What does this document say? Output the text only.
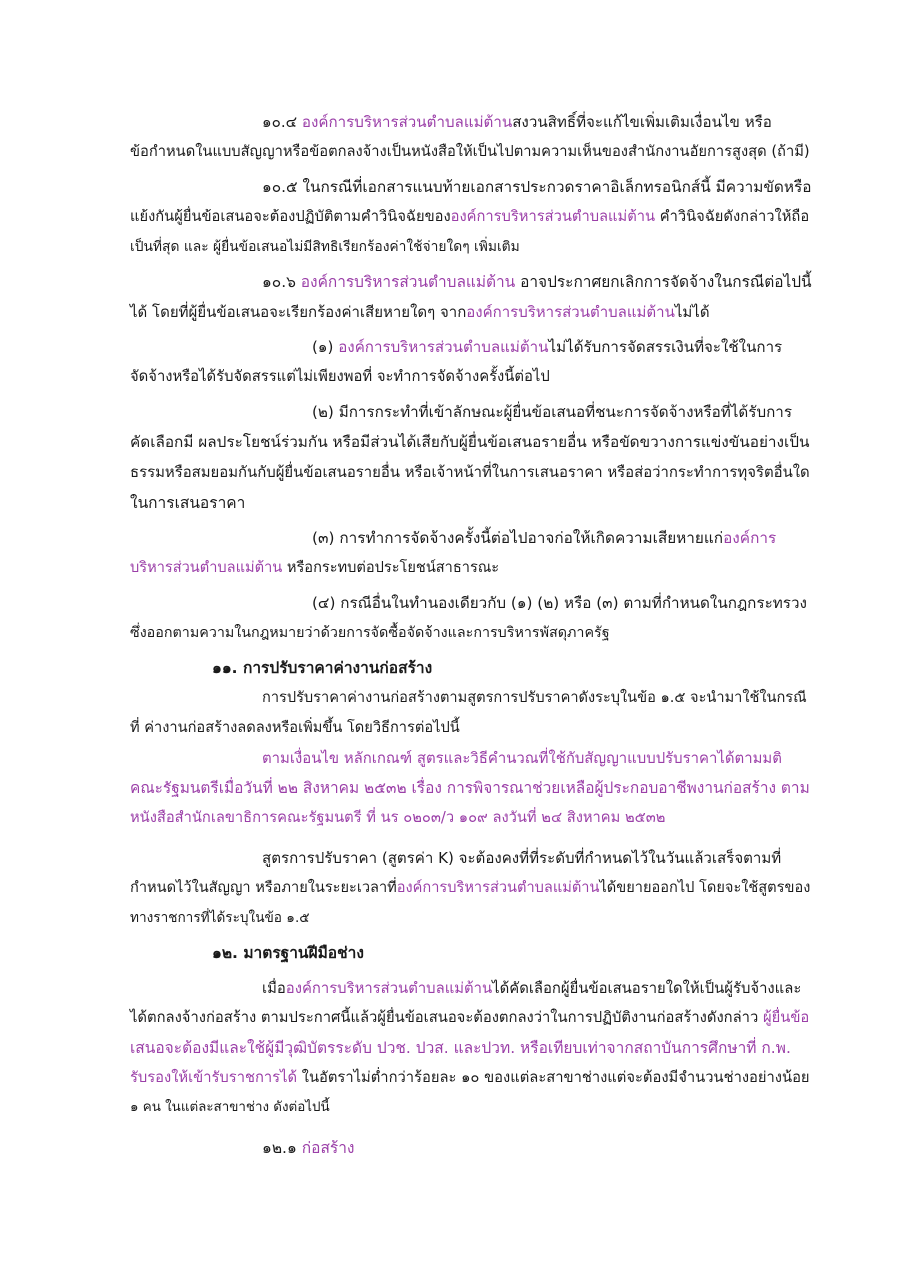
๑๐.๔ องค์การบริหารส่วนตำบลแม่ต้านสงวนสิทธิ์ที่จะแก้ไขเพิ่มเติมเงื่อนไข หรือ
ข้อกำหนดในแบบสัญญาหรือข้อตกลงจ้างเป็นหนังสือให้เป็นไปตามความเห็นของสำนักงานอัยการสูงสุด (ถ้ามี)
๑๐.๕ ในกรณีที่เอกสารแนบท้ายเอกสารประกวดราคาอิเล็กทรอนิกส์นี้ มีความขัดหรือ
แย้งกันผู้ยื่นข้อเสนอจะต้องปฏิบัติตามคำวินิจฉัยขององค์การบริหารส่วนตำบลแม่ต้าน คำวินิจฉัยดังกล่าวให้ถือ
เป็นที่สุด และ ผู้ยื่นข้อเสนอไม่มีสิทธิเรียกร้องค่าใช้จ่ายใดๆ เพิ่มเติม
๑๐.๖ องค์การบริหารส่วนตำบลแม่ต้าน อาจประกาศยกเลิกการจัดจ้างในกรณีต่อไปนี้
ได้ โดยที่ผู้ยื่นข้อเสนอจะเรียกร้องค่าเสียหายใดๆ จากองค์การบริหารส่วนตำบลแม่ต้านไม่ได้
(๑) องค์การบริหารส่วนตำบลแม่ต้านไม่ได้รับการจัดสรรเงินที่จะใช้ในการ
จัดจ้างหรือได้รับจัดสรรแต่ไม่เพียงพอที่ จะทำการจัดจ้างครั้งนี้ต่อไป
(๒) มีการกระทำที่เข้าลักษณะผู้ยื่นข้อเสนอที่ชนะการจัดจ้างหรือที่ได้รับการ
คัดเลือกมี ผลประโยชน์ร่วมกัน หรือมีส่วนได้เสียกับผู้ยื่นข้อเสนอรายอื่น หรือขัดขวางการแข่งขันอย่างเป็น
ธรรมหรือสมยอมกันกับผู้ยื่นข้อเสนอรายอื่น หรือเจ้าหน้าที่ในการเสนอราคา หรือส่อว่ากระทำการทุจริตอื่นใด
ในการเสนอราคา
(๓) การทำการจัดจ้างครั้งนี้ต่อไปอาจก่อให้เกิดความเสียหายแก่องค์การ
บริหารส่วนตำบลแม่ต้าน หรือกระทบต่อประโยชน์สาธารณะ
(๔) กรณีอื่นในทำนองเดียวกับ (๑) (๒) หรือ (๓) ตามที่กำหนดในกฎกระทรวง
ซึ่งออกตามความในกฎหมายว่าด้วยการจัดซื้อจัดจ้างและการบริหารพัสดุภาครัฐ
๑๑. การปรับราคาค่างานก่อสร้าง
การปรับราคาค่างานก่อสร้างตามสูตรการปรับราคาดังระบุในข้อ ๑.๕ จะนำมาใช้ในกรณี
ที่ ค่างานก่อสร้างลดลงหรือเพิ่มขึ้น โดยวิธีการต่อไปนี้
ตามเงื่อนไข หลักเกณฑ์ สูตรและวิธีคำนวณที่ใช้กับสัญญาแบบปรับราคาได้ตามมติ
คณะรัฐมนตรีเมื่อวันที่ ๒๒ สิงหาคม ๒๕๓๒ เรื่อง การพิจารณาช่วยเหลือผู้ประกอบอาชีพงานก่อสร้าง ตาม
หนังสือสำนักเลขาธิการคณะรัฐมนตรี ที่ นร ๐๒๐๓/ว ๑๐๙ ลงวันที่ ๒๔ สิงหาคม ๒๕๓๒
สูตรการปรับราคา (สูตรค่า K) จะต้องคงที่ที่ระดับที่กำหนดไว้ในวันแล้วเสร็จตามที่
กำหนดไว้ในสัญญา หรือภายในระยะเวลาที่องค์การบริหารส่วนตำบลแม่ต้านได้ขยายออกไป โดยจะใช้สูตรของ
ทางราชการที่ได้ระบุในข้อ ๑.๕
๑๒. มาตรฐานฝีมือช่าง
เมื่อองค์การบริหารส่วนตำบลแม่ต้านได้คัดเลือกผู้ยื่นข้อเสนอรายใดให้เป็นผู้รับจ้างและ
ได้ตกลงจ้างก่อสร้าง ตามประกาศนี้แล้วผู้ยื่นข้อเสนอจะต้องตกลงว่าในการปฏิบัติงานก่อสร้างดังกล่าว ผู้ยื่นข้อ
เสนอจะต้องมีและใช้ผู้มีวุฒิบัตรระดับ ปวช. ปวส. และปวท. หรือเทียบเท่าจากสถาบันการศึกษาที่ ก.พ.
รับรองให้เข้ารับราชการได้ ในอัตราไม่ต่ำกว่าร้อยละ ๑๐ ของแต่ละสาขาช่างแต่จะต้องมีจำนวนช่างอย่างน้อย
๑ คน ในแต่ละสาขาช่าง ดังต่อไปนี้
๑๒.๑ ก่อสร้าง
